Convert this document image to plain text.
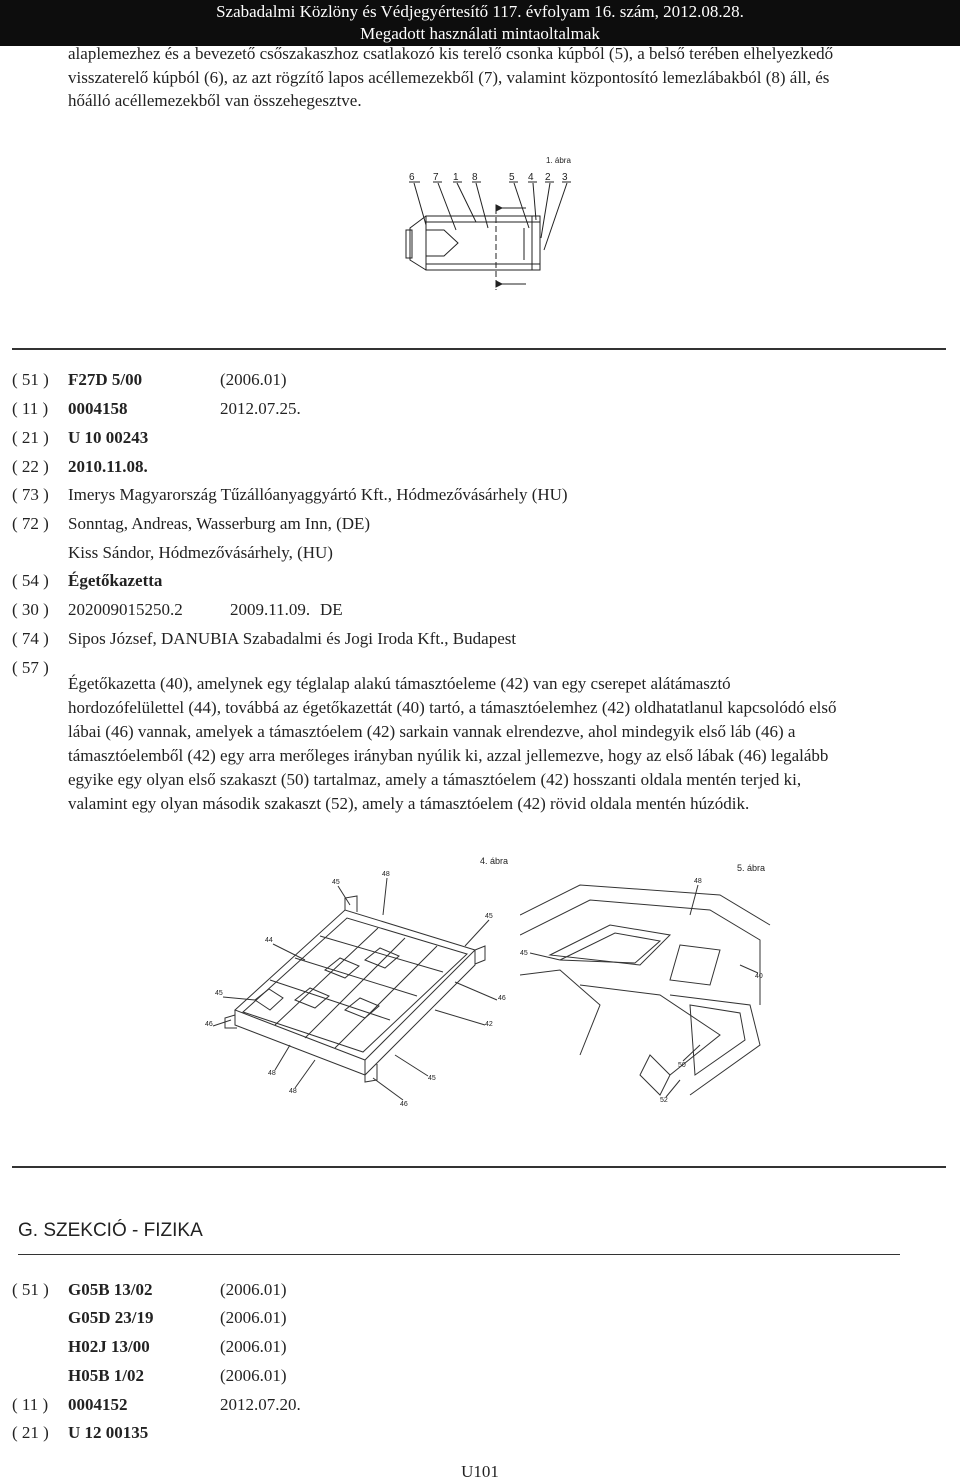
Szabadalmi Közlöny és Védjegyértesítő 117. évfolyam 16. szám, 2012.08.28.
Megadott használati mintaoltalmak
alaplemezhez és a bevezető csőszakaszhoz csatlakozó kis terelő csonka kúpból (5), a belső terében elhelyezkedő
visszaterelő kúpból (6), az azt rögzítő lapos acéllemezekből (7), valamint központosító lemezlábakból (8) áll, és
hőálló acéllemezekből van összehegesztve.
1. ábra
6 7 1 8	5 4 2 3
( 51 ) F27D 5/00	(2006.01)
( 11 ) 0004158	2012.07.25.
( 21 ) U 10 00243
( 22 ) 2010.11.08.
( 73 ) Imerys Magyarország Tűzállóanyaggyártó Kft., Hódmezővásárhely (HU)
( 72 ) Sonntag, Andreas, Wasserburg am Inn, (DE)
Kiss Sándor, Hódmezővásárhely, (HU)
( 54 ) Égetőkazetta
( 30 ) 202009015250.2	2009.11.09. DE
( 74 ) Sipos József, DANUBIA Szabadalmi és Jogi Iroda Kft., Budapest
( 57 )
Égetőkazetta (40), amelynek egy téglalap alakú támasztóeleme (42) van egy cserepet alátámasztó
hordozófelülettel (44), továbbá az égetőkazettát (40) tartó, a támasztóelemhez (42) oldhatatlanul kapcsolódó első
lábai (46) vannak, amelyek a támasztóelem (42) sarkain vannak elrendezve, ahol mindegyik első láb (46) a
támasztóelemből (42) egy arra merőleges irányban nyúlik ki, azzal jellemezve, hogy az első lábak (46) legalább
egyike egy olyan első szakaszt (50) tartalmaz, amely a támasztóelem (42) hosszanti oldala mentén terjed ki,
valamint egy olyan második szakaszt (52), amely a támasztóelem (42) rövid oldala mentén húzódik.
4. ábra
45
48
45
44
45
46
42
46
48
45
48
46
5. ábra
48
45
40
50
52
G. SZEKCIÓ - FIZIKA
( 51 ) G05B 13/02	(2006.01)
G05D 23/19	(2006.01)
H02J 13/00	(2006.01)
H05B 1/02	(2006.01)
( 11 ) 0004152	2012.07.20.
( 21 ) U 12 00135
U101
